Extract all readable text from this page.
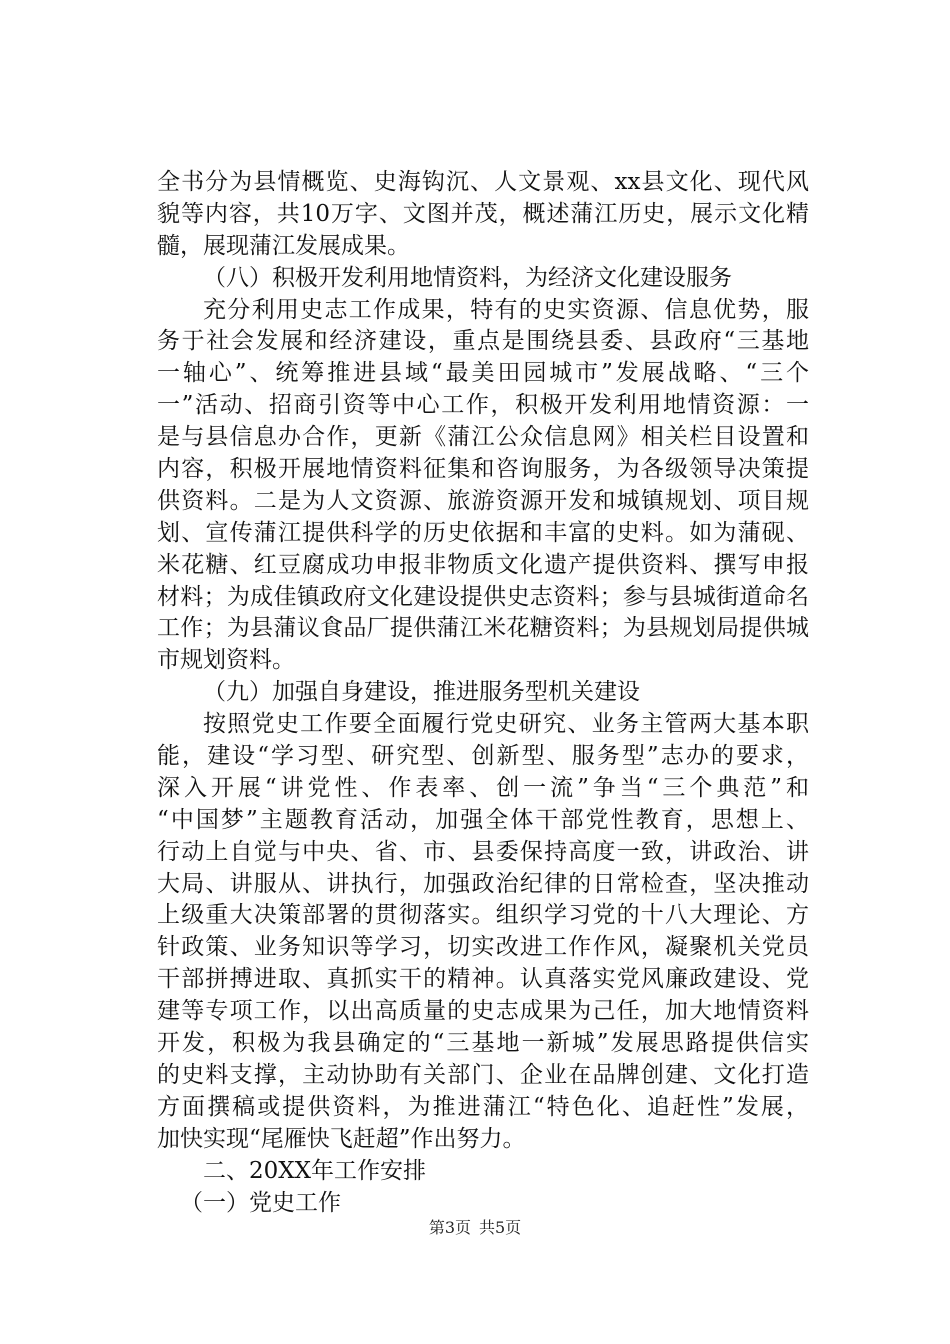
全书分为县情概览、史海钩沉、人文景观、xx县文化、现代风
貌等内容，共10万字、文图并茂，概述蒲江历史，展示文化精
髓，展现蒲江发展成果。
（八）积极开发利用地情资料，为经济文化建设服务
充分利用史志工作成果，特有的史实资源、信息优势，服
务于社会发展和经济建设，重点是围绕县委、县政府“三基地
一轴心”、统筹推进县域“最美田园城市”发展战略、“三个
一”活动、招商引资等中心工作，积极开发利用地情资源：一
是与县信息办合作，更新《蒲江公众信息网》相关栏目设置和
内容，积极开展地情资料征集和咨询服务，为各级领导决策提
供资料。二是为人文资源、旅游资源开发和城镇规划、项目规
划、宣传蒲江提供科学的历史依据和丰富的史料。如为蒲砚、
米花糖、红豆腐成功申报非物质文化遗产提供资料、撰写申报
材料；为成佳镇政府文化建设提供史志资料；参与县城街道命名
工作；为县蒲议食品厂提供蒲江米花糖资料；为县规划局提供城
市规划资料。
（九）加强自身建设，推进服务型机关建设
按照党史工作要全面履行党史研究、业务主管两大基本职
能，建设“学习型、研究型、创新型、服务型”志办的要求，
深入开展“讲党性、作表率、创一流”争当“三个典范”和
“中国梦”主题教育活动，加强全体干部党性教育，思想上、
行动上自觉与中央、省、市、县委保持高度一致，讲政治、讲
大局、讲服从、讲执行，加强政治纪律的日常检查，坚决推动
上级重大决策部署的贯彻落实。组织学习党的十八大理论、方
针政策、业务知识等学习，切实改进工作作风，凝聚机关党员
干部拼搏进取、真抓实干的精神。认真落实党风廉政建设、党
建等专项工作，以出高质量的史志成果为己任，加大地情资料
开发，积极为我县确定的“三基地一新城”发展思路提供信实
的史料支撑，主动协助有关部门、企业在品牌创建、文化打造
方面撰稿或提供资料，为推进蒲江“特色化、追赶性”发展，
加快实现“尾雁快飞赶超”作出努力。
二、20XX年工作安排
（一）党史工作
第3页 共5页
